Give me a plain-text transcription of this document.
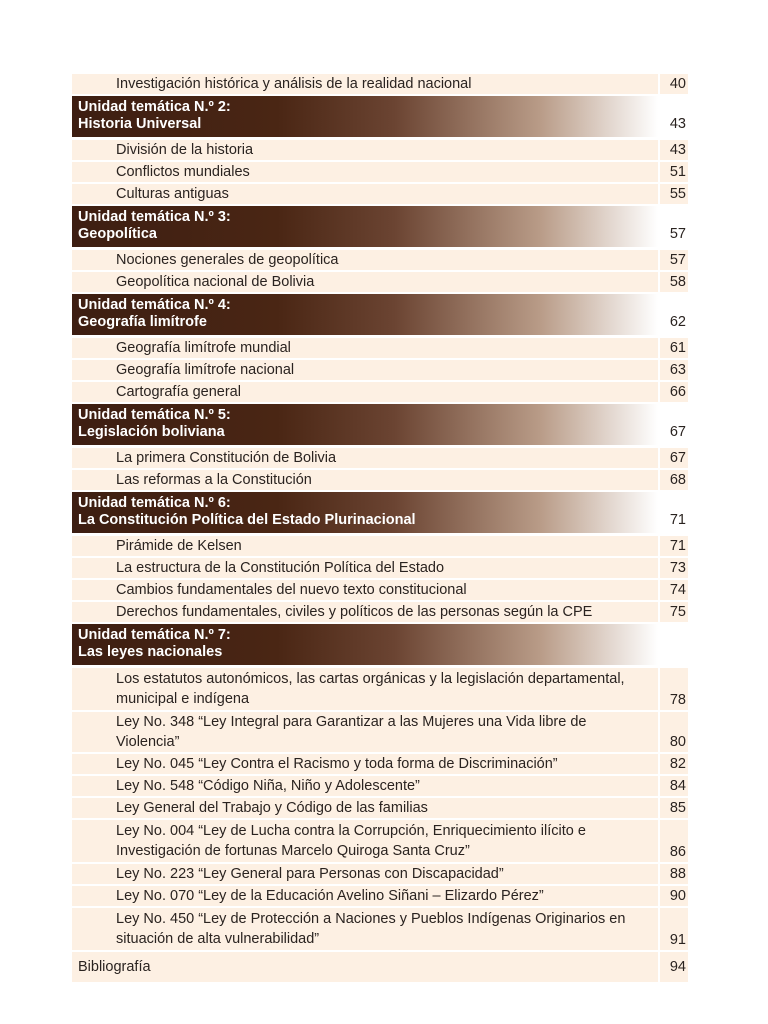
Investigación histórica y análisis de la realidad nacional	40
Unidad temática N.º 2:
Historia Universal	43
División de la historia	43
Conflictos mundiales	51
Culturas antiguas	55
Unidad temática N.º 3:
Geopolítica	57
Nociones generales de geopolítica	57
Geopolítica nacional de Bolivia	58
Unidad temática N.º 4:
Geografía limítrofe	62
Geografía limítrofe mundial	61
Geografía limítrofe nacional	63
Cartografía general	66
Unidad temática N.º 5:
Legislación boliviana	67
La primera Constitución de Bolivia	67
Las reformas a la Constitución	68
Unidad temática N.º 6:
La Constitución Política del Estado Plurinacional	71
Pirámide de Kelsen	71
La estructura de la Constitución Política del Estado	73
Cambios fundamentales del nuevo texto constitucional	74
Derechos fundamentales, civiles y políticos de las personas según la CPE	75
Unidad temática N.º 7:
Las leyes nacionales
Los estatutos autonómicos, las cartas orgánicas y la legislación departamental,
municipal e indígena	78
Ley No. 348 “Ley Integral para Garantizar a las Mujeres una Vida libre de Violencia”	80
Ley No. 045 “Ley Contra el Racismo y toda forma de Discriminación”	82
Ley No. 548 “Código Niña, Niño y Adolescente”	84
Ley General del Trabajo y Código de las familias	85
Ley No. 004 “Ley de Lucha contra la Corrupción, Enriquecimiento ilícito e
Investigación de fortunas Marcelo Quiroga Santa Cruz”	86
Ley No. 223 “Ley General para Personas con Discapacidad”	88
Ley No. 070 “Ley de la Educación Avelino Siñani – Elizardo Pérez”	90
Ley No. 450 “Ley de Protección a Naciones y Pueblos Indígenas Originarios en
situación de alta vulnerabilidad”	91
Bibliografía	94
